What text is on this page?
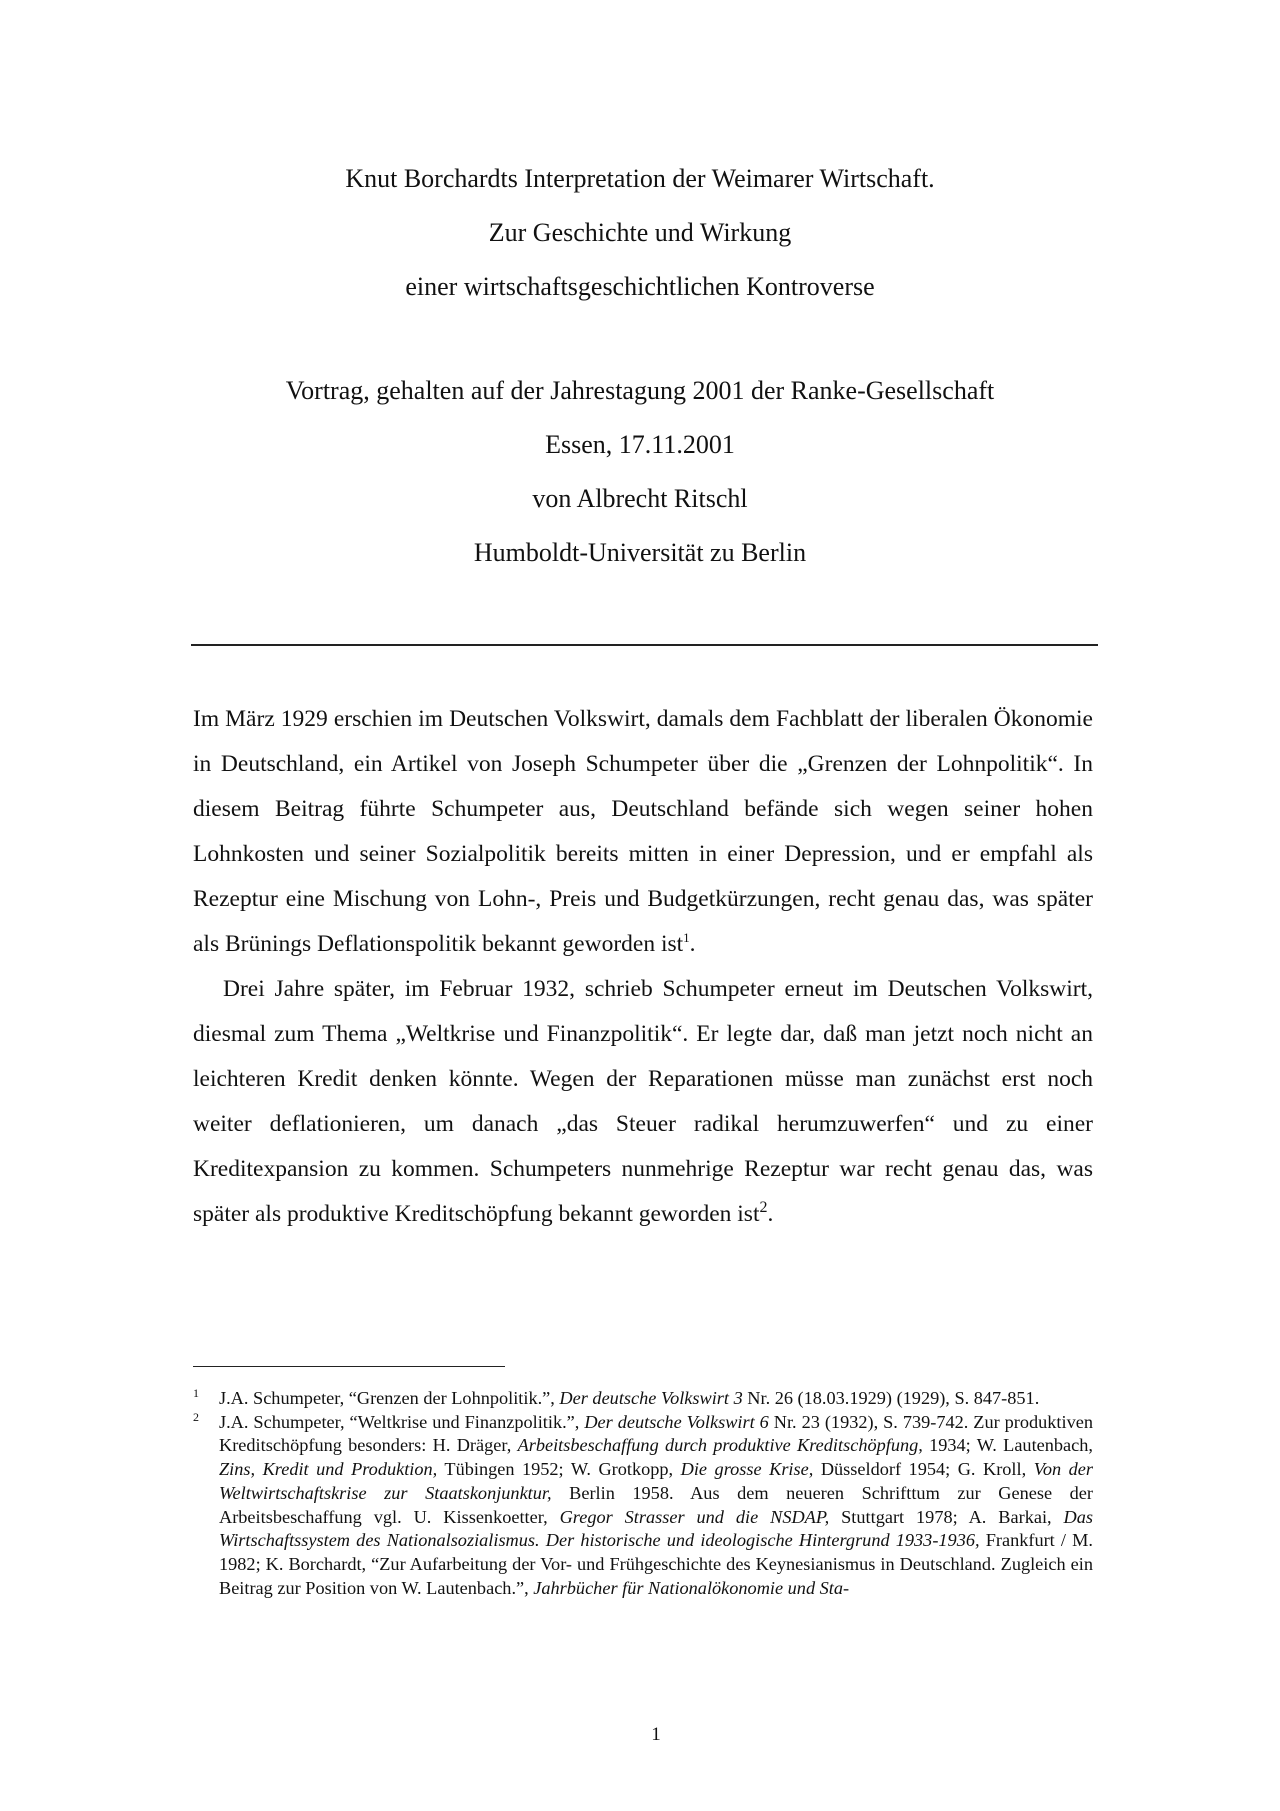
Knut Borchardts Interpretation der Weimarer Wirtschaft.
Zur Geschichte und Wirkung
einer wirtschaftsgeschichtlichen Kontroverse
Vortrag, gehalten auf der Jahrestagung 2001 der Ranke-Gesellschaft
Essen, 17.11.2001
von Albrecht Ritschl
Humboldt-Universität zu Berlin

Im März 1929 erschien im Deutschen Volkswirt, damals dem Fachblatt der liberalen Ökonomie in Deutschland, ein Artikel von Joseph Schumpeter über die „Grenzen der Lohnpolitik“. In diesem Beitrag führte Schumpeter aus, Deutschland befände sich wegen seiner hohen Lohnkosten und seiner Sozialpolitik bereits mitten in einer Depression, und er empfahl als Rezeptur eine Mischung von Lohn-, Preis und Budgetkürzungen, recht genau das, was später als Brünings Deflationspolitik bekannt geworden ist$^1$.

Drei Jahre später, im Februar 1932, schrieb Schumpeter erneut im Deutschen Volkswirt, diesmal zum Thema „Weltkrise und Finanzpolitik“. Er legte dar, daß man jetzt noch nicht an leichteren Kredit denken könnte. Wegen der Reparationen müsse man zunächst erst noch weiter deflationieren, um danach „das Steuer radikal herumzuwerfen“ und zu einer Kreditexpansion zu kommen. Schumpeters nunmehrige Rezeptur war recht genau das, was später als produktive Kreditschöpfung bekannt geworden ist$^2$.

1 J.A. Schumpeter, “Grenzen der Lohnpolitik.”, Der deutsche Volkswirt 3 Nr. 26 (18.03.1929) (1929), S. 847-851.
2 J.A. Schumpeter, “Weltkrise und Finanzpolitik.”, Der deutsche Volkswirt 6 Nr. 23 (1932), S. 739-742. Zur produktiven Kreditschöpfung besonders: H. Dräger, Arbeitsbeschaffung durch produktive Kreditschöpfung, 1934; W. Lautenbach, Zins, Kredit und Produktion, Tübingen 1952; W. Grotkopp, Die grosse Krise, Düsseldorf 1954; G. Kroll, Von der Weltwirtschaftskrise zur Staatskonjunktur, Berlin 1958. Aus dem neueren Schrifttum zur Genese der Arbeitsbeschaffung vgl. U. Kissenkoetter, Gregor Strasser und die NSDAP, Stuttgart 1978; A. Barkai, Das Wirtschaftssystem des Nationalsozialismus. Der historische und ideologische Hintergrund 1933-1936, Frankfurt / M. 1982; K. Borchardt, “Zur Aufarbeitung der Vor- und Frühgeschichte des Keynesianismus in Deutschland. Zugleich ein Beitrag zur Position von W. Lautenbach.”, Jahrbücher für Nationalökonomie und Sta-
1
